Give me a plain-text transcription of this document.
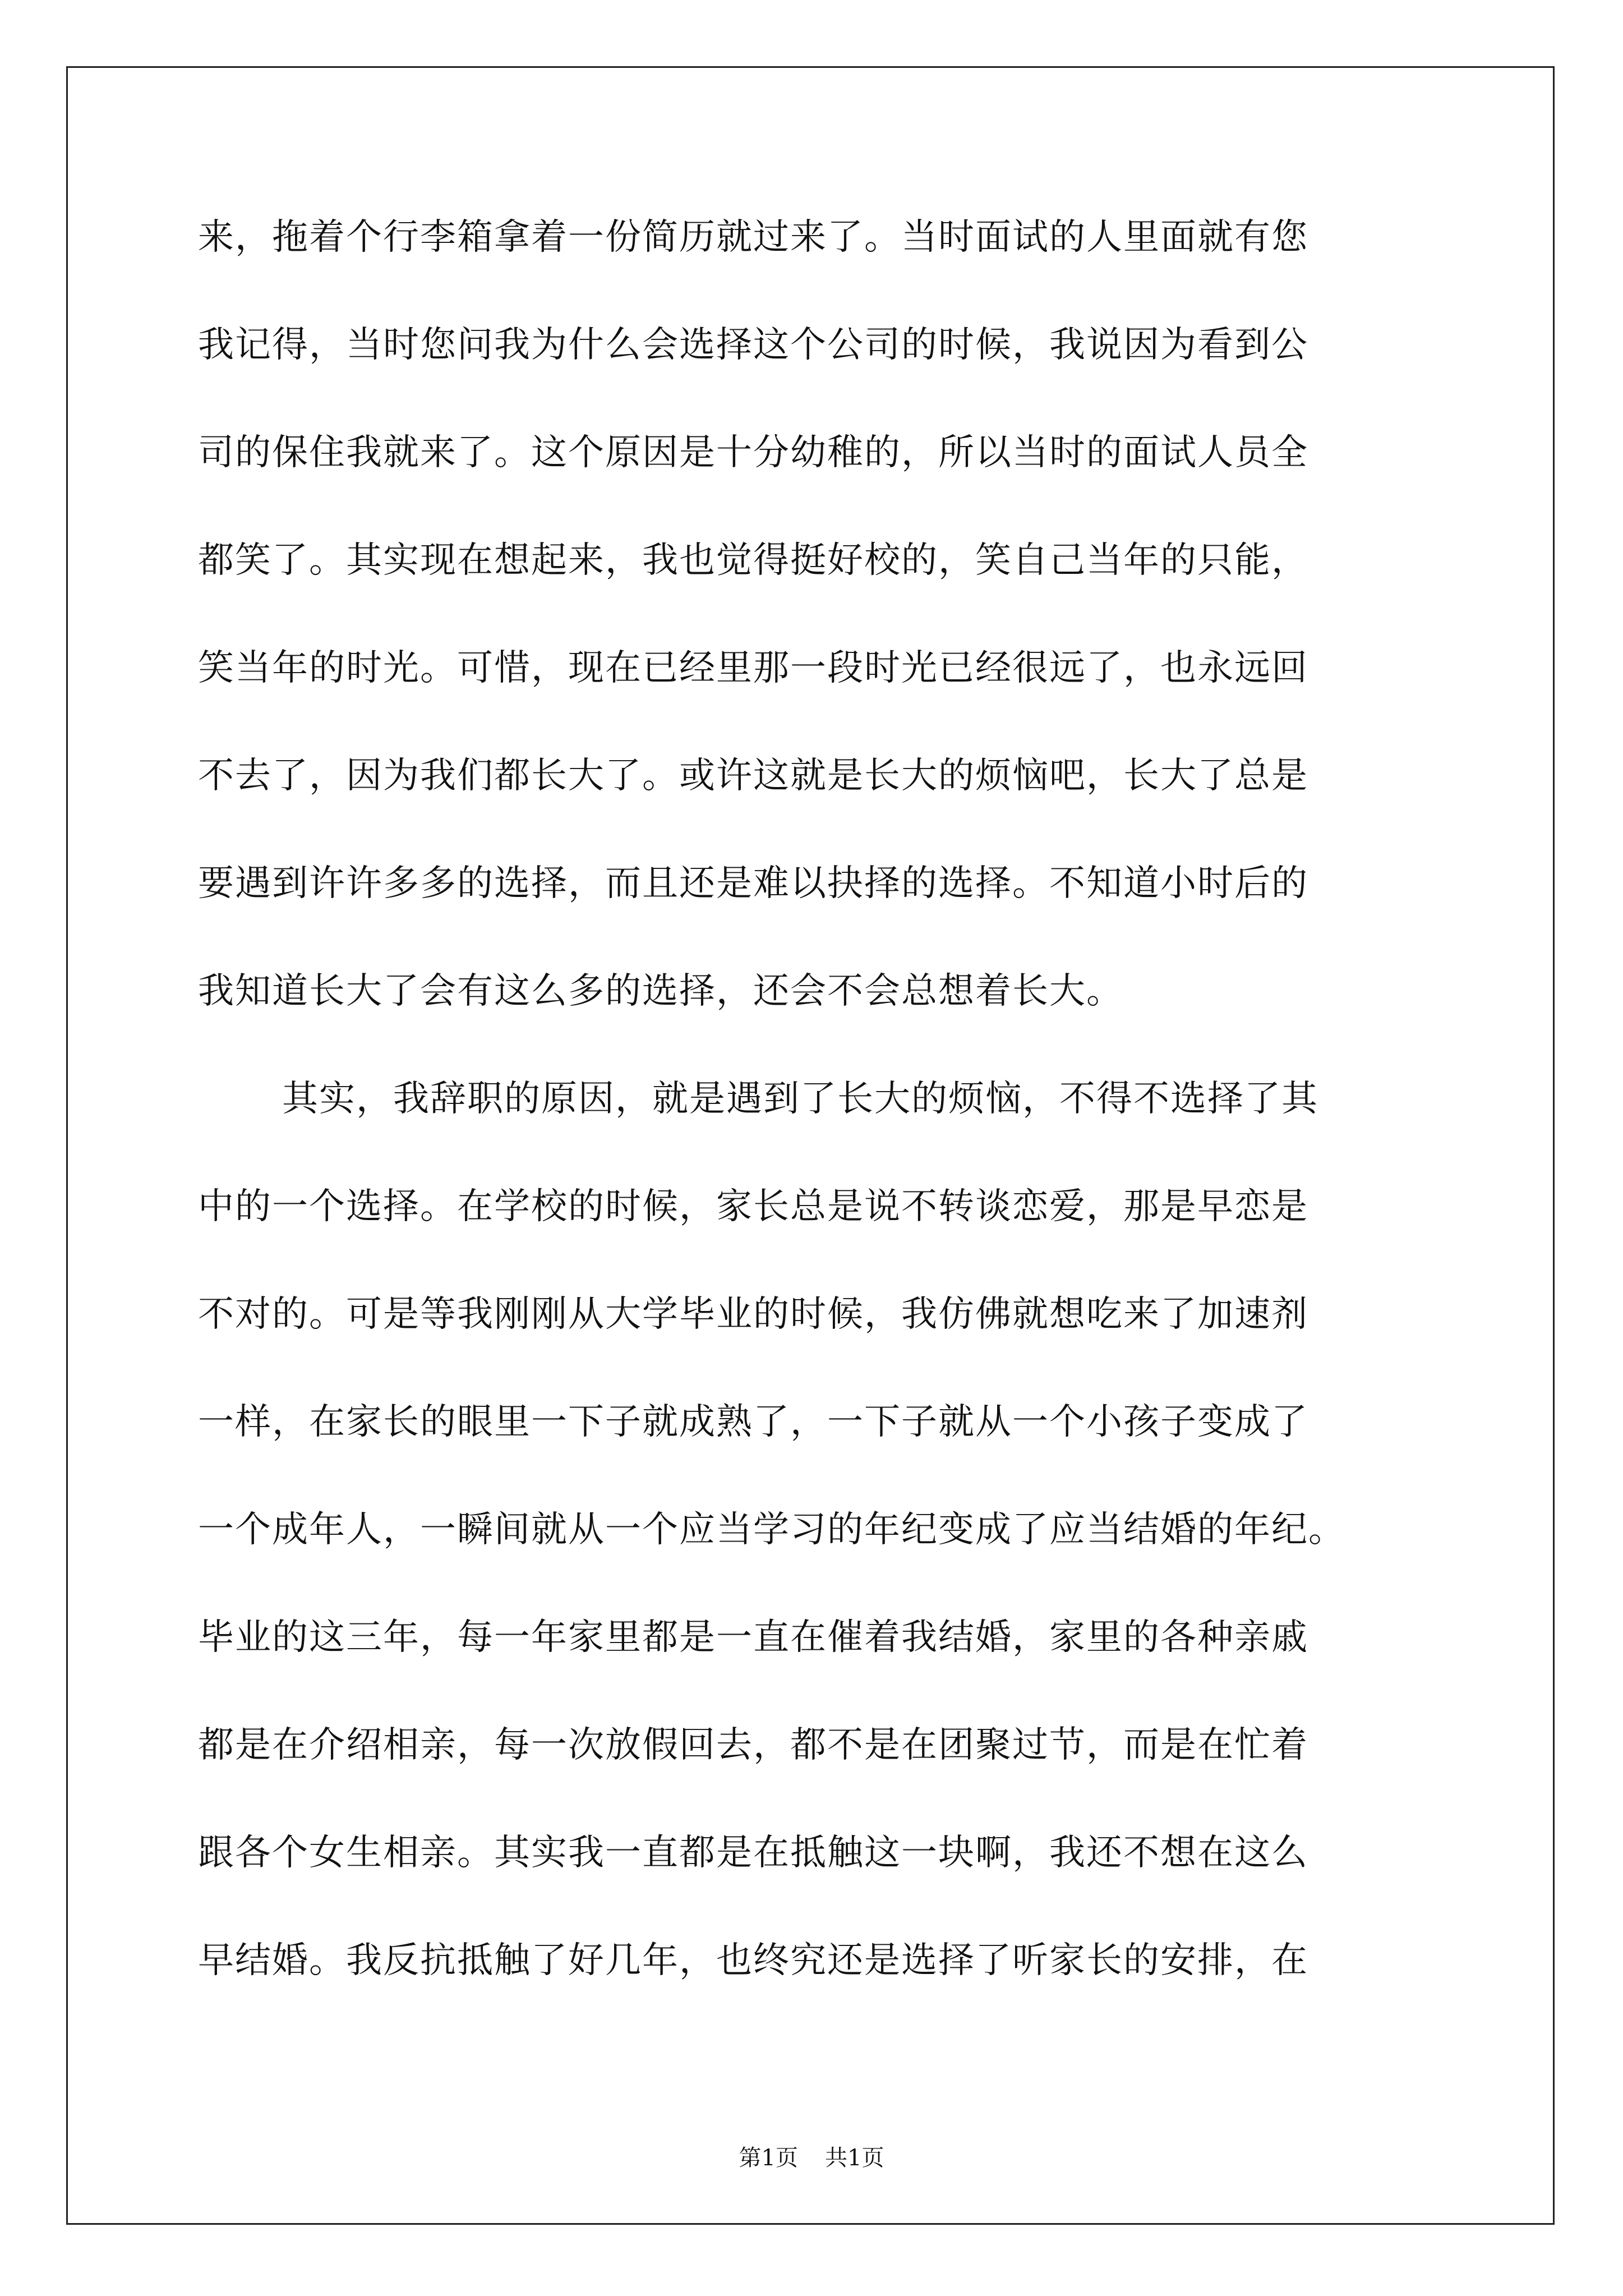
来，拖着个行李箱拿着一份简历就过来了。当时面试的人里面就有您
我记得，当时您问我为什么会选择这个公司的时候，我说因为看到公
司的保住我就来了。这个原因是十分幼稚的，所以当时的面试人员全
都笑了。其实现在想起来，我也觉得挺好校的，笑自己当年的只能，
笑当年的时光。可惜，现在已经里那一段时光已经很远了，也永远回
不去了，因为我们都长大了。或许这就是长大的烦恼吧，长大了总是
要遇到许许多多的选择，而且还是难以抉择的选择。不知道小时后的
我知道长大了会有这么多的选择，还会不会总想着长大。
其实，我辞职的原因，就是遇到了长大的烦恼，不得不选择了其
中的一个选择。在学校的时候，家长总是说不转谈恋爱，那是早恋是
不对的。可是等我刚刚从大学毕业的时候，我仿佛就想吃来了加速剂
一样，在家长的眼里一下子就成熟了，一下子就从一个小孩子变成了
一个成年人，一瞬间就从一个应当学习的年纪变成了应当结婚的年纪。
毕业的这三年，每一年家里都是一直在催着我结婚，家里的各种亲戚
都是在介绍相亲，每一次放假回去，都不是在团聚过节，而是在忙着
跟各个女生相亲。其实我一直都是在抵触这一块啊，我还不想在这么
早结婚。我反抗抵触了好几年，也终究还是选择了听家长的安排，在
第1页 共1页
